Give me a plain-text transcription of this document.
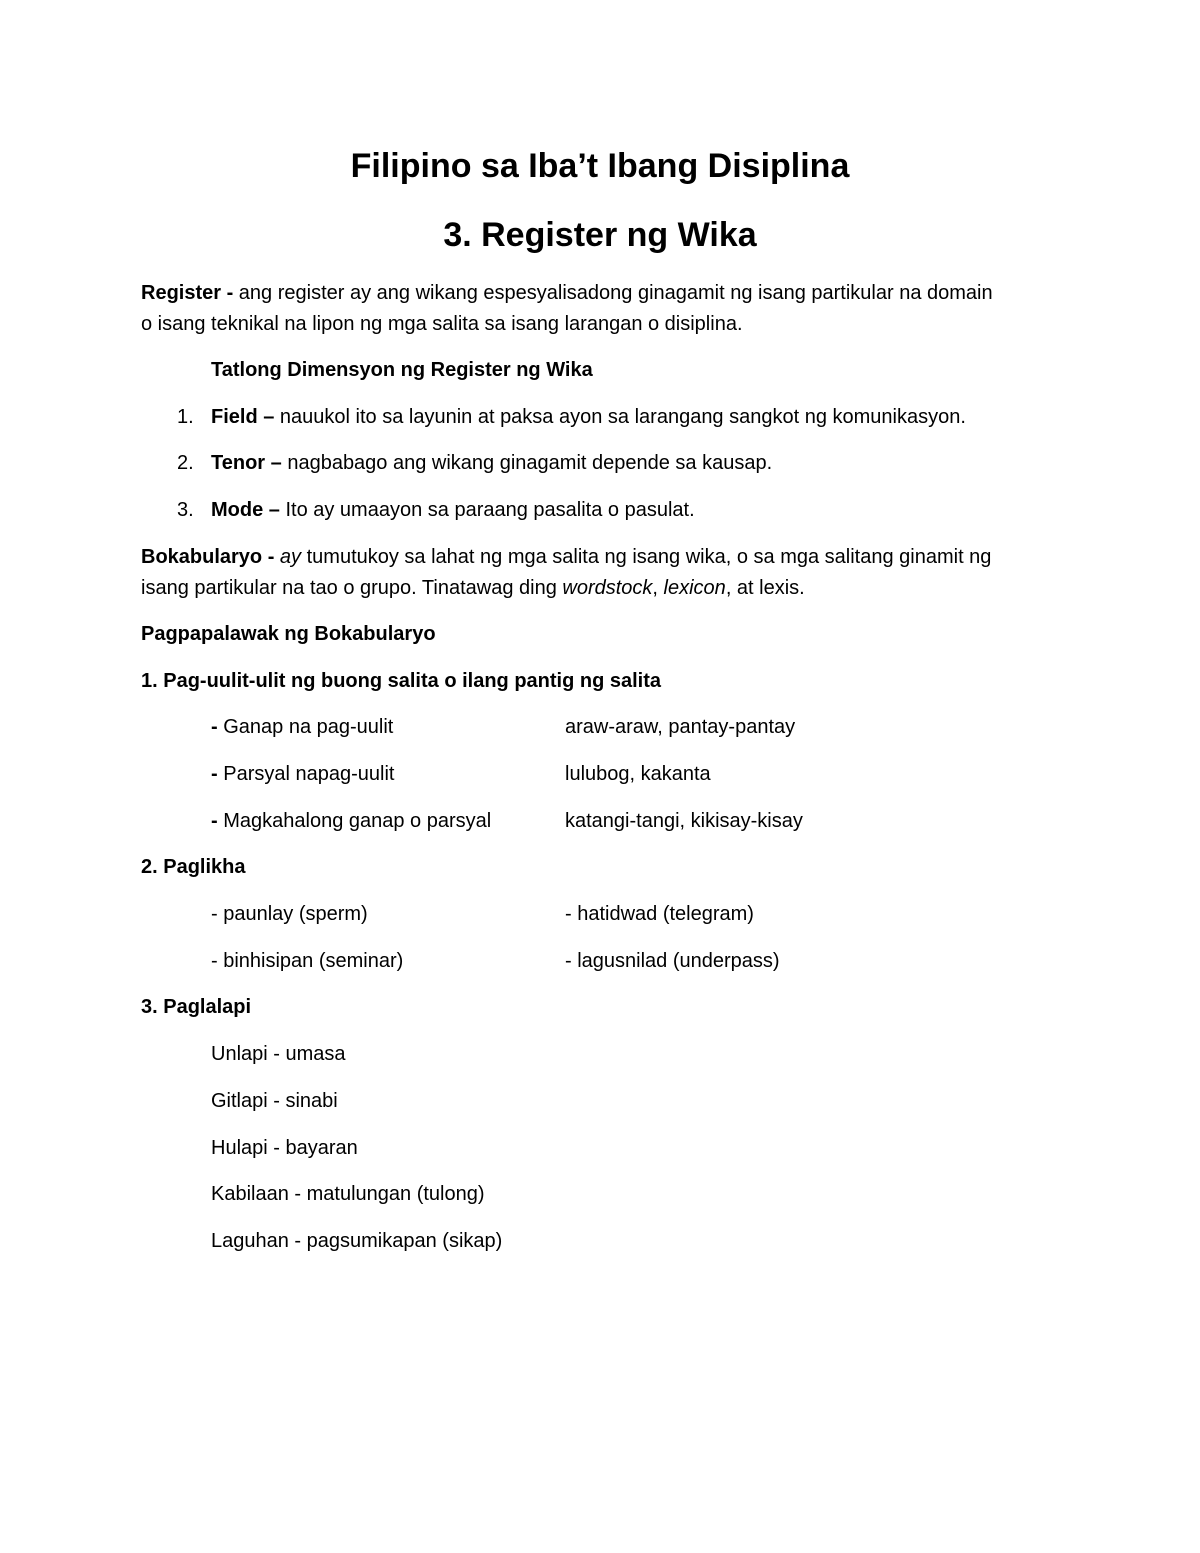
Filipino sa Iba’t Ibang Disiplina
3. Register ng Wika
Register - ang register ay ang wikang espesyalisadong ginagamit ng isang partikular na domain
o isang teknikal na lipon ng mga salita sa isang larangan o disiplina.
Tatlong Dimensyon ng Register ng Wika
1. Field – nauukol ito sa layunin at paksa ayon sa larangang sangkot ng komunikasyon.
2. Tenor – nagbabago ang wikang ginagamit depende sa kausap.
3. Mode – Ito ay umaayon sa paraang pasalita o pasulat.
Bokabularyo - ay tumutukoy sa lahat ng mga salita ng isang wika, o sa mga salitang ginamit ng
isang partikular na tao o grupo. Tinatawag ding wordstock, lexicon, at lexis.
Pagpapalawak ng Bokabularyo
1. Pag-uulit-ulit ng buong salita o ilang pantig ng salita
- Ganap na pag-uulit	araw-araw, pantay-pantay
- Parsyal napag-uulit	lulubog, kakanta
- Magkahalong ganap o parsyal	katangi-tangi, kikisay-kisay
2. Paglikha
- paunlay (sperm)	- hatidwad (telegram)
- binhisipan (seminar)	- lagusnilad (underpass)
3. Paglalapi
Unlapi - umasa
Gitlapi - sinabi
Hulapi - bayaran
Kabilaan - matulungan (tulong)
Laguhan - pagsumikapan (sikap)
